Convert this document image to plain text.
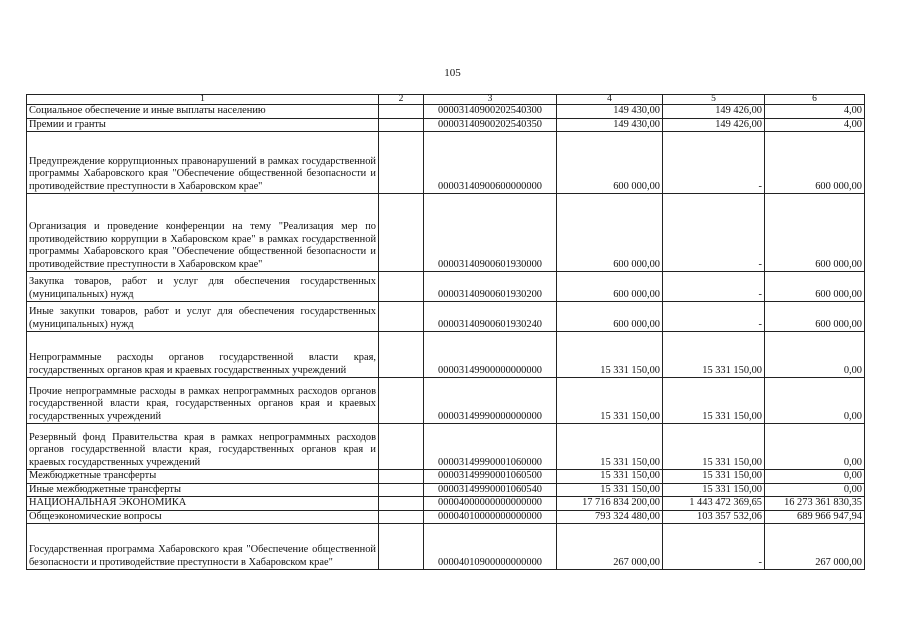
105
1	2	3	4	5	6
Социальное обеспечение и иные выплаты населению		00003140900202540300	149 430,00	149 426,00	4,00
Премии и гранты		00003140900202540350	149 430,00	149 426,00	4,00
Предупреждение коррупционных правонарушений в рамках государственной программы Хабаровского края "Обеспечение общественной безопасности и противодействие преступности в Хабаровском крае"		00003140900600000000	600 000,00	-	600 000,00
Организация и проведение конференции на тему "Реализация мер по противодействию коррупции в Хабаровском крае" в рамках государственной программы Хабаровского края "Обеспечение общественной безопасности и противодействие преступности в Хабаровском крае"		00003140900601930000	600 000,00	-	600 000,00
Закупка товаров, работ и услуг для обеспечения государственных (муниципальных) нужд		00003140900601930200	600 000,00	-	600 000,00
Иные закупки товаров, работ и услуг для обеспечения государственных (муниципальных) нужд		00003140900601930240	600 000,00	-	600 000,00
Непрограммные расходы органов государственной власти края, государственных органов края и краевых государственных учреждений		00003149900000000000	15 331 150,00	15 331 150,00	0,00
Прочие непрограммные расходы в рамках непрограммных расходов органов государственной власти края, государственных органов края и краевых государственных учреждений		00003149990000000000	15 331 150,00	15 331 150,00	0,00
Резервный фонд Правительства края в рамках непрограммных расходов органов государственной власти края, государственных органов края и краевых государственных учреждений		00003149990001060000	15 331 150,00	15 331 150,00	0,00
Межбюджетные трансферты		00003149990001060500	15 331 150,00	15 331 150,00	0,00
Иные межбюджетные трансферты		00003149990001060540	15 331 150,00	15 331 150,00	0,00
НАЦИОНАЛЬНАЯ ЭКОНОМИКА		00004000000000000000	17 716 834 200,00	1 443 472 369,65	16 273 361 830,35
Общеэкономические вопросы		00004010000000000000	793 324 480,00	103 357 532,06	689 966 947,94
Государственная программа Хабаровского края "Обеспечение общественной безопасности и противодействие преступности в Хабаровском крае"		00004010900000000000	267 000,00	-	267 000,00
